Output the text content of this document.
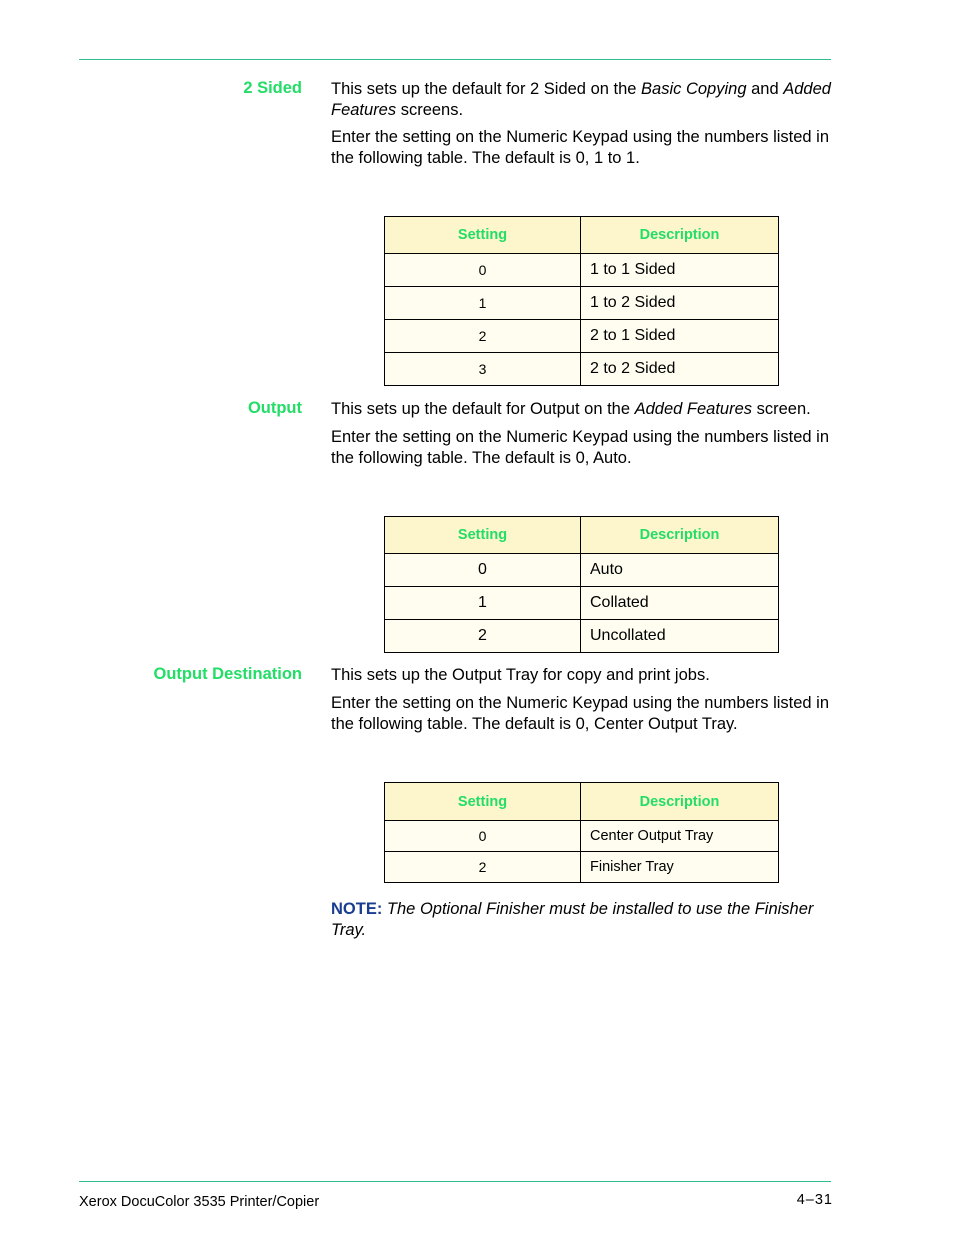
2 Sided This sets up the default for 2 Sided on the Basic Copying and Added Features screens.
Enter the setting on the Numeric Keypad using the numbers listed in the following table. The default is 0, 1 to 1.
Setting	Description
0	1 to 1 Sided
1	1 to 2 Sided
2	2 to 1 Sided
3	2 to 2 Sided
Output This sets up the default for Output on the Added Features screen.
Enter the setting on the Numeric Keypad using the numbers listed in the following table. The default is 0, Auto.
Setting	Description
0	Auto
1	Collated
2	Uncollated
Output Destination This sets up the Output Tray for copy and print jobs.
Enter the setting on the Numeric Keypad using the numbers listed in the following table. The default is 0, Center Output Tray.
Setting	Description
0	Center Output Tray
2	Finisher Tray
NOTE: The Optional Finisher must be installed to use the Finisher Tray.
Xerox DocuColor 3535 Printer/Copier	4–31
